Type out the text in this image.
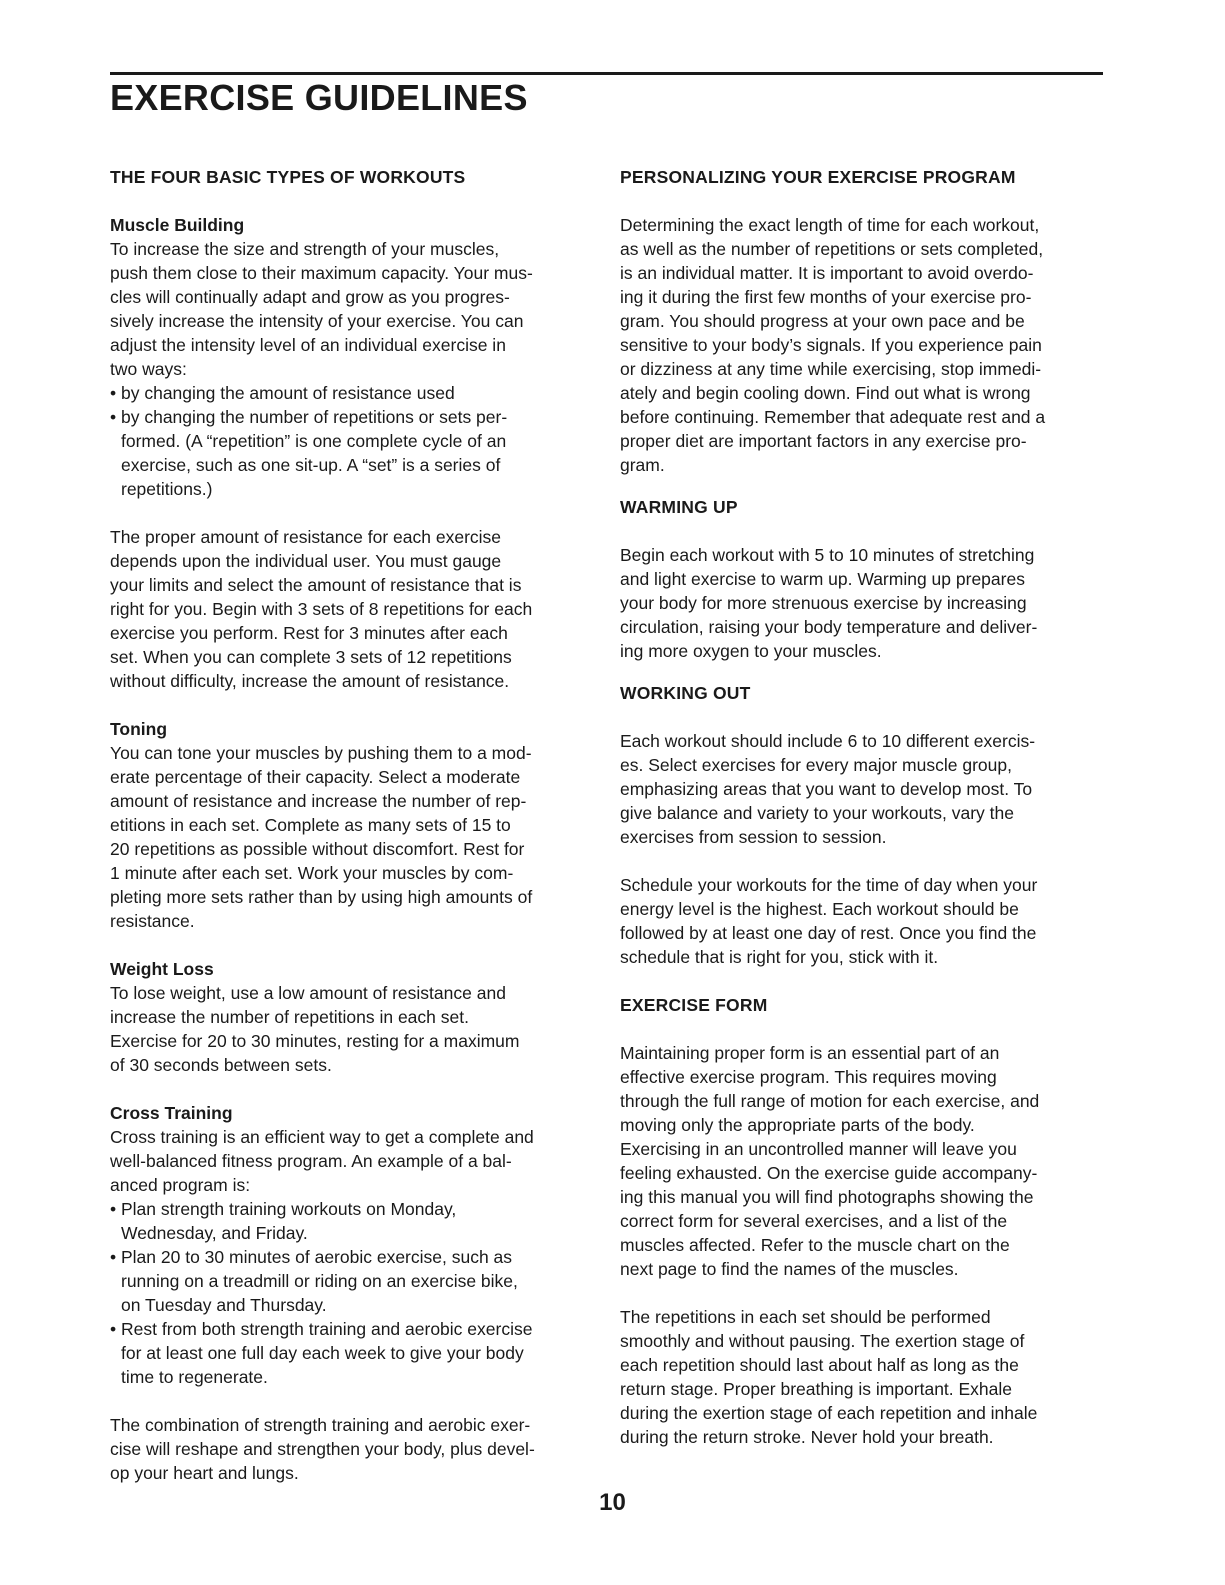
EXERCISE GUIDELINES

THE FOUR BASIC TYPES OF WORKOUTS

Muscle Building

To increase the size and strength of your muscles,

push them close to their maximum capacity. Your mus-

cles will continually adapt and grow as you progres-

sively increase the intensity of your exercise. You can

adjust the intensity level of an individual exercise in

two ways:

• by changing the amount of resistance used

• by changing the number of repetitions or sets per-

formed. (A “repetition” is one complete cycle of an

exercise, such as one sit-up. A “set” is a series of

repetitions.)

The proper amount of resistance for each exercise

depends upon the individual user. You must gauge

your limits and select the amount of resistance that is

right for you. Begin with 3 sets of 8 repetitions for each

exercise you perform. Rest for 3 minutes after each

set. When you can complete 3 sets of 12 repetitions

without difficulty, increase the amount of resistance.

Toning

You can tone your muscles by pushing them to a mod-

erate percentage of their capacity. Select a moderate

amount of resistance and increase the number of rep-

etitions in each set. Complete as many sets of 15 to

20 repetitions as possible without discomfort. Rest for

1 minute after each set. Work your muscles by com-

pleting more sets rather than by using high amounts of

resistance.

Weight Loss

To lose weight, use a low amount of resistance and

increase the number of repetitions in each set.

Exercise for 20 to 30 minutes, resting for a maximum

of 30 seconds between sets.

Cross Training

Cross training is an efficient way to get a complete and

well-balanced fitness program. An example of a bal-

anced program is:

• Plan strength training workouts on Monday,

Wednesday, and Friday.

• Plan 20 to 30 minutes of aerobic exercise, such as

running on a treadmill or riding on an exercise bike,

on Tuesday and Thursday.

• Rest from both strength training and aerobic exercise

for at least one full day each week to give your body

time to regenerate.

The combination of strength training and aerobic exer-

cise will reshape and strengthen your body, plus devel-

op your heart and lungs.

PERSONALIZING YOUR EXERCISE PROGRAM

Determining the exact length of time for each workout,

as well as the number of repetitions or sets completed,

is an individual matter. It is important to avoid overdo-

ing it during the first few months of your exercise pro-

gram. You should progress at your own pace and be

sensitive to your body’s signals. If you experience pain

or dizziness at any time while exercising, stop immedi-

ately and begin cooling down. Find out what is wrong

before continuing. Remember that adequate rest and a

proper diet are important factors in any exercise pro-

gram.

WARMING UP

Begin each workout with 5 to 10 minutes of stretching

and light exercise to warm up. Warming up prepares

your body for more strenuous exercise by increasing

circulation, raising your body temperature and deliver-

ing more oxygen to your muscles.

WORKING OUT

Each workout should include 6 to 10 different exercis-

es. Select exercises for every major muscle group,

emphasizing areas that you want to develop most. To

give balance and variety to your workouts, vary the

exercises from session to session.

Schedule your workouts for the time of day when your

energy level is the highest. Each workout should be

followed by at least one day of rest. Once you find the

schedule that is right for you, stick with it.

EXERCISE FORM

Maintaining proper form is an essential part of an

effective exercise program. This requires moving

through the full range of motion for each exercise, and

moving only the appropriate parts of the body.

Exercising in an uncontrolled manner will leave you

feeling exhausted. On the exercise guide accompany-

ing this manual you will find photographs showing the

correct form for several exercises, and a list of the

muscles affected. Refer to the muscle chart on the

next page to find the names of the muscles.

The repetitions in each set should be performed

smoothly and without pausing. The exertion stage of

each repetition should last about half as long as the

return stage. Proper breathing is important. Exhale

during the exertion stage of each repetition and inhale

during the return stroke. Never hold your breath.

10
